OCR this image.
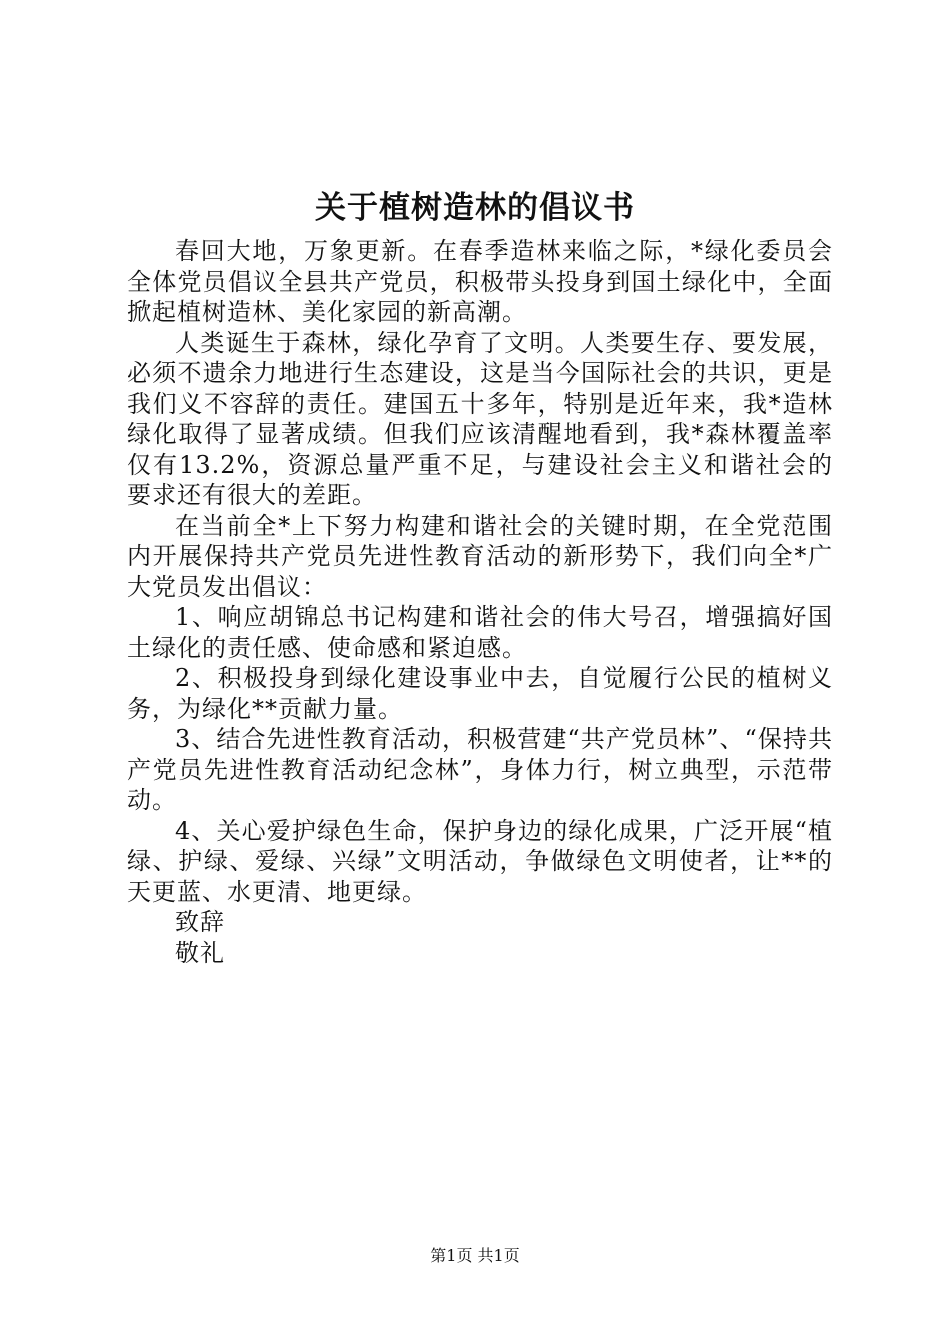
关于植树造林的倡议书

春回大地，万象更新。在春季造林来临之际，*绿化委员会全体党员倡议全县共产党员，积极带头投身到国土绿化中，全面掀起植树造林、美化家园的新高潮。

人类诞生于森林，绿化孕育了文明。人类要生存、要发展，必须不遗余力地进行生态建设，这是当今国际社会的共识，更是我们义不容辞的责任。建国五十多年，特别是近年来，我*造林绿化取得了显著成绩。但我们应该清醒地看到，我*森林覆盖率仅有13.2%，资源总量严重不足，与建设社会主义和谐社会的要求还有很大的差距。

在当前全*上下努力构建和谐社会的关键时期，在全党范围内开展保持共产党员先进性教育活动的新形势下，我们向全*广大党员发出倡议：

1、响应胡锦总书记构建和谐社会的伟大号召，增强搞好国土绿化的责任感、使命感和紧迫感。

2、积极投身到绿化建设事业中去，自觉履行公民的植树义务，为绿化**贡献力量。

3、结合先进性教育活动，积极营建“共产党员林”、“保持共产党员先进性教育活动纪念林”，身体力行，树立典型，示范带动。

4、关心爱护绿色生命，保护身边的绿化成果，广泛开展“植绿、护绿、爱绿、兴绿”文明活动，争做绿色文明使者，让**的天更蓝、水更清、地更绿。

致辞

敬礼

第1页 共1页
